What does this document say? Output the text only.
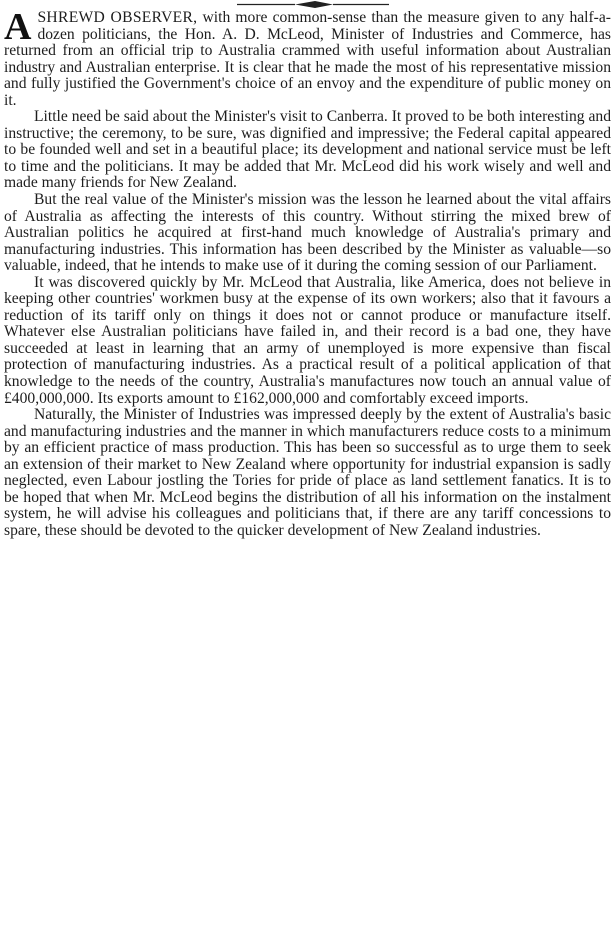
ASHREWD OBSERVER, with more common-sense than the measure given to any half-a-dozen politicians, the Hon. A. D. McLeod, Minister of Industries and Commerce, has returned from an official trip to Australia crammed with useful information about Australian industry and Australian enterprise. It is clear that he made the most of his representative mission and fully justified the Government's choice of an envoy and the expenditure of public money on it.

Little need be said about the Minister's visit to Canberra. It proved to be both interesting and instructive; the ceremony, to be sure, was dignified and impressive; the Federal capital appeared to be founded well and set in a beautiful place; its development and national service must be left to time and the politicians. It may be added that Mr. McLeod did his work wisely and well and made many friends for New Zealand.

But the real value of the Minister's mission was the lesson he learned about the vital affairs of Australia as affecting the interests of this country. Without stirring the mixed brew of Australian politics he acquired at first-hand much knowledge of Australia's primary and manufacturing industries. This information has been described by the Minister as valuable—so valuable, indeed, that he intends to make use of it during the coming session of our Parliament.

It was discovered quickly by Mr. McLeod that Australia, like America, does not believe in keeping other countries' workmen busy at the expense of its own workers; also that it favours a reduction of its tariff only on things it does not or cannot produce or manufacture itself. Whatever else Australian politicians have failed in, and their record is a bad one, they have succeeded at least in learning that an army of unemployed is more expensive than fiscal protection of manufacturing industries. As a practical result of a political application of that knowledge to the needs of the country, Australia's manufactures now touch an annual value of £400,000,000. Its exports amount to £162,000,000 and comfortably exceed imports.

Naturally, the Minister of Industries was impressed deeply by the extent of Australia's basic and manufacturing industries and the manner in which manufacturers reduce costs to a minimum by an efficient practice of mass production. This has been so successful as to urge them to seek an extension of their market to New Zealand where opportunity for industrial expansion is sadly neglected, even Labour jostling the Tories for pride of place as land settlement fanatics. It is to be hoped that when Mr. McLeod begins the distribution of all his information on the instalment system, he will advise his colleagues and politicians that, if there are any tariff concessions to spare, these should be devoted to the quicker development of New Zealand industries.
